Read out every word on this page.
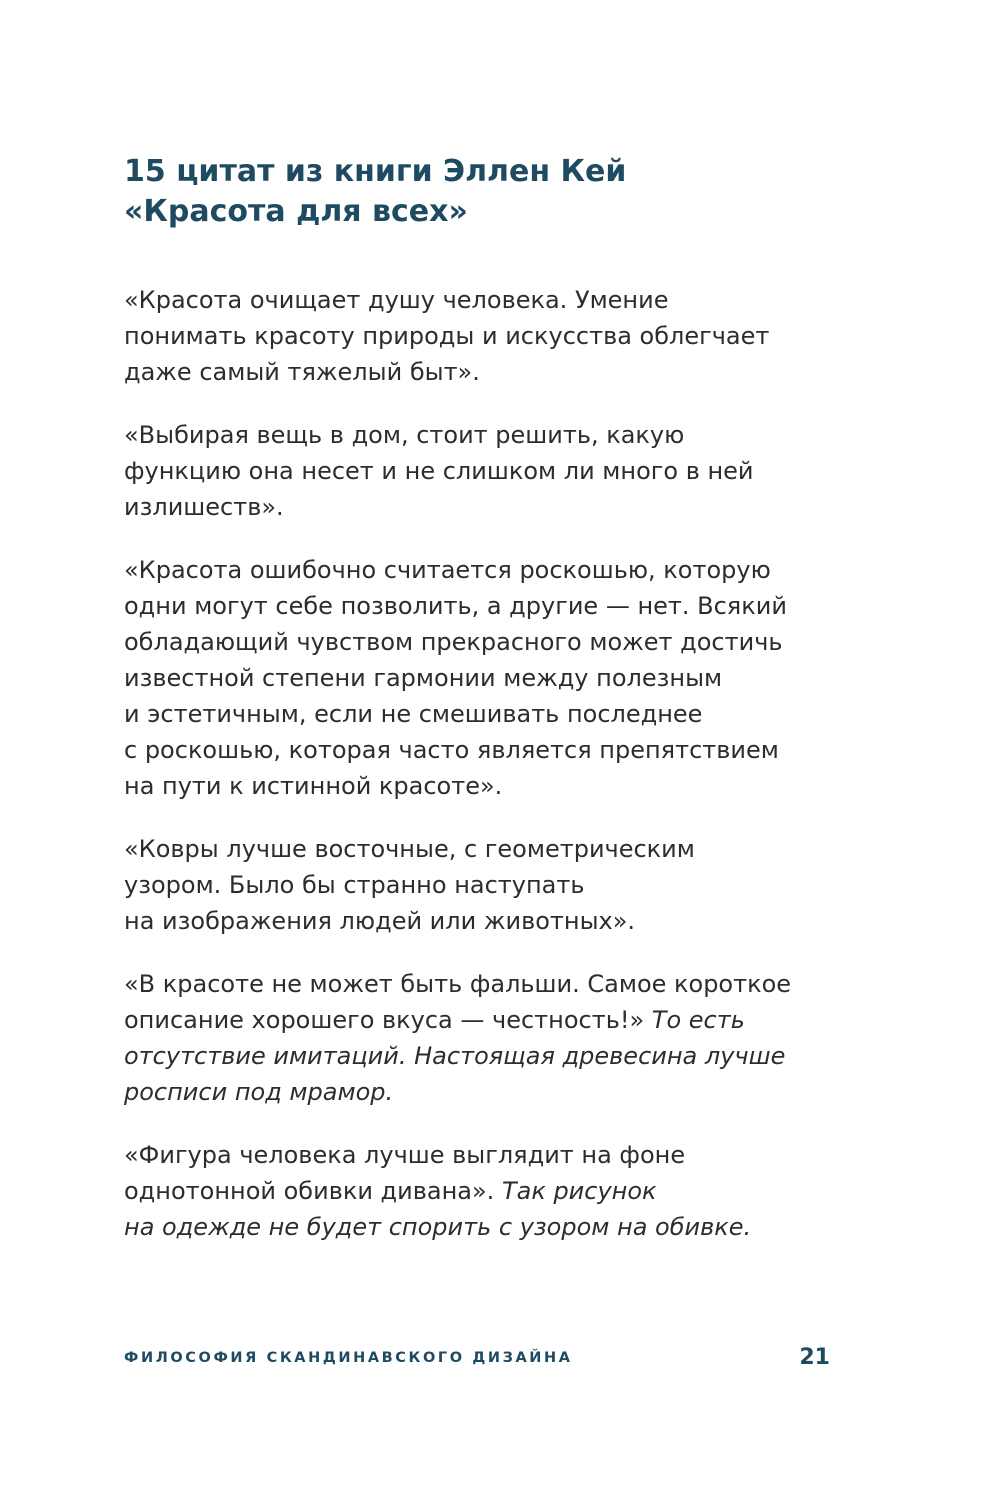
15 цитат из книги Эллен Кей
«Красота для всех»

«Красота очищает душу человека. Умение
понимать красоту природы и искусства облегчает
даже самый тяжелый быт».

«Выбирая вещь в дом, стоит решить, какую
функцию она несет и не слишком ли много в ней
излишеств».

«Красота ошибочно считается роскошью, которую
одни могут себе позволить, а другие — нет. Всякий
обладающий чувством прекрасного может достичь
известной степени гармонии между полезным
и эстетичным, если не смешивать последнее
с роскошью, которая часто является препятствием
на пути к истинной красоте».

«Ковры лучше восточные, с геометрическим
узором. Было бы странно наступать
на изображения людей или животных».

«В красоте не может быть фальши. Самое короткое
описание хорошего вкуса — честность!» То есть
отсутствие имитаций. Настоящая древесина лучше
росписи под мрамор.

«Фигура человека лучше выглядит на фоне
однотонной обивки дивана». Так рисунок
на одежде не будет спорить с узором на обивке.

ФИЛОСОФИЯ СКАНДИНАВСКОГО ДИЗАЙНА	21
